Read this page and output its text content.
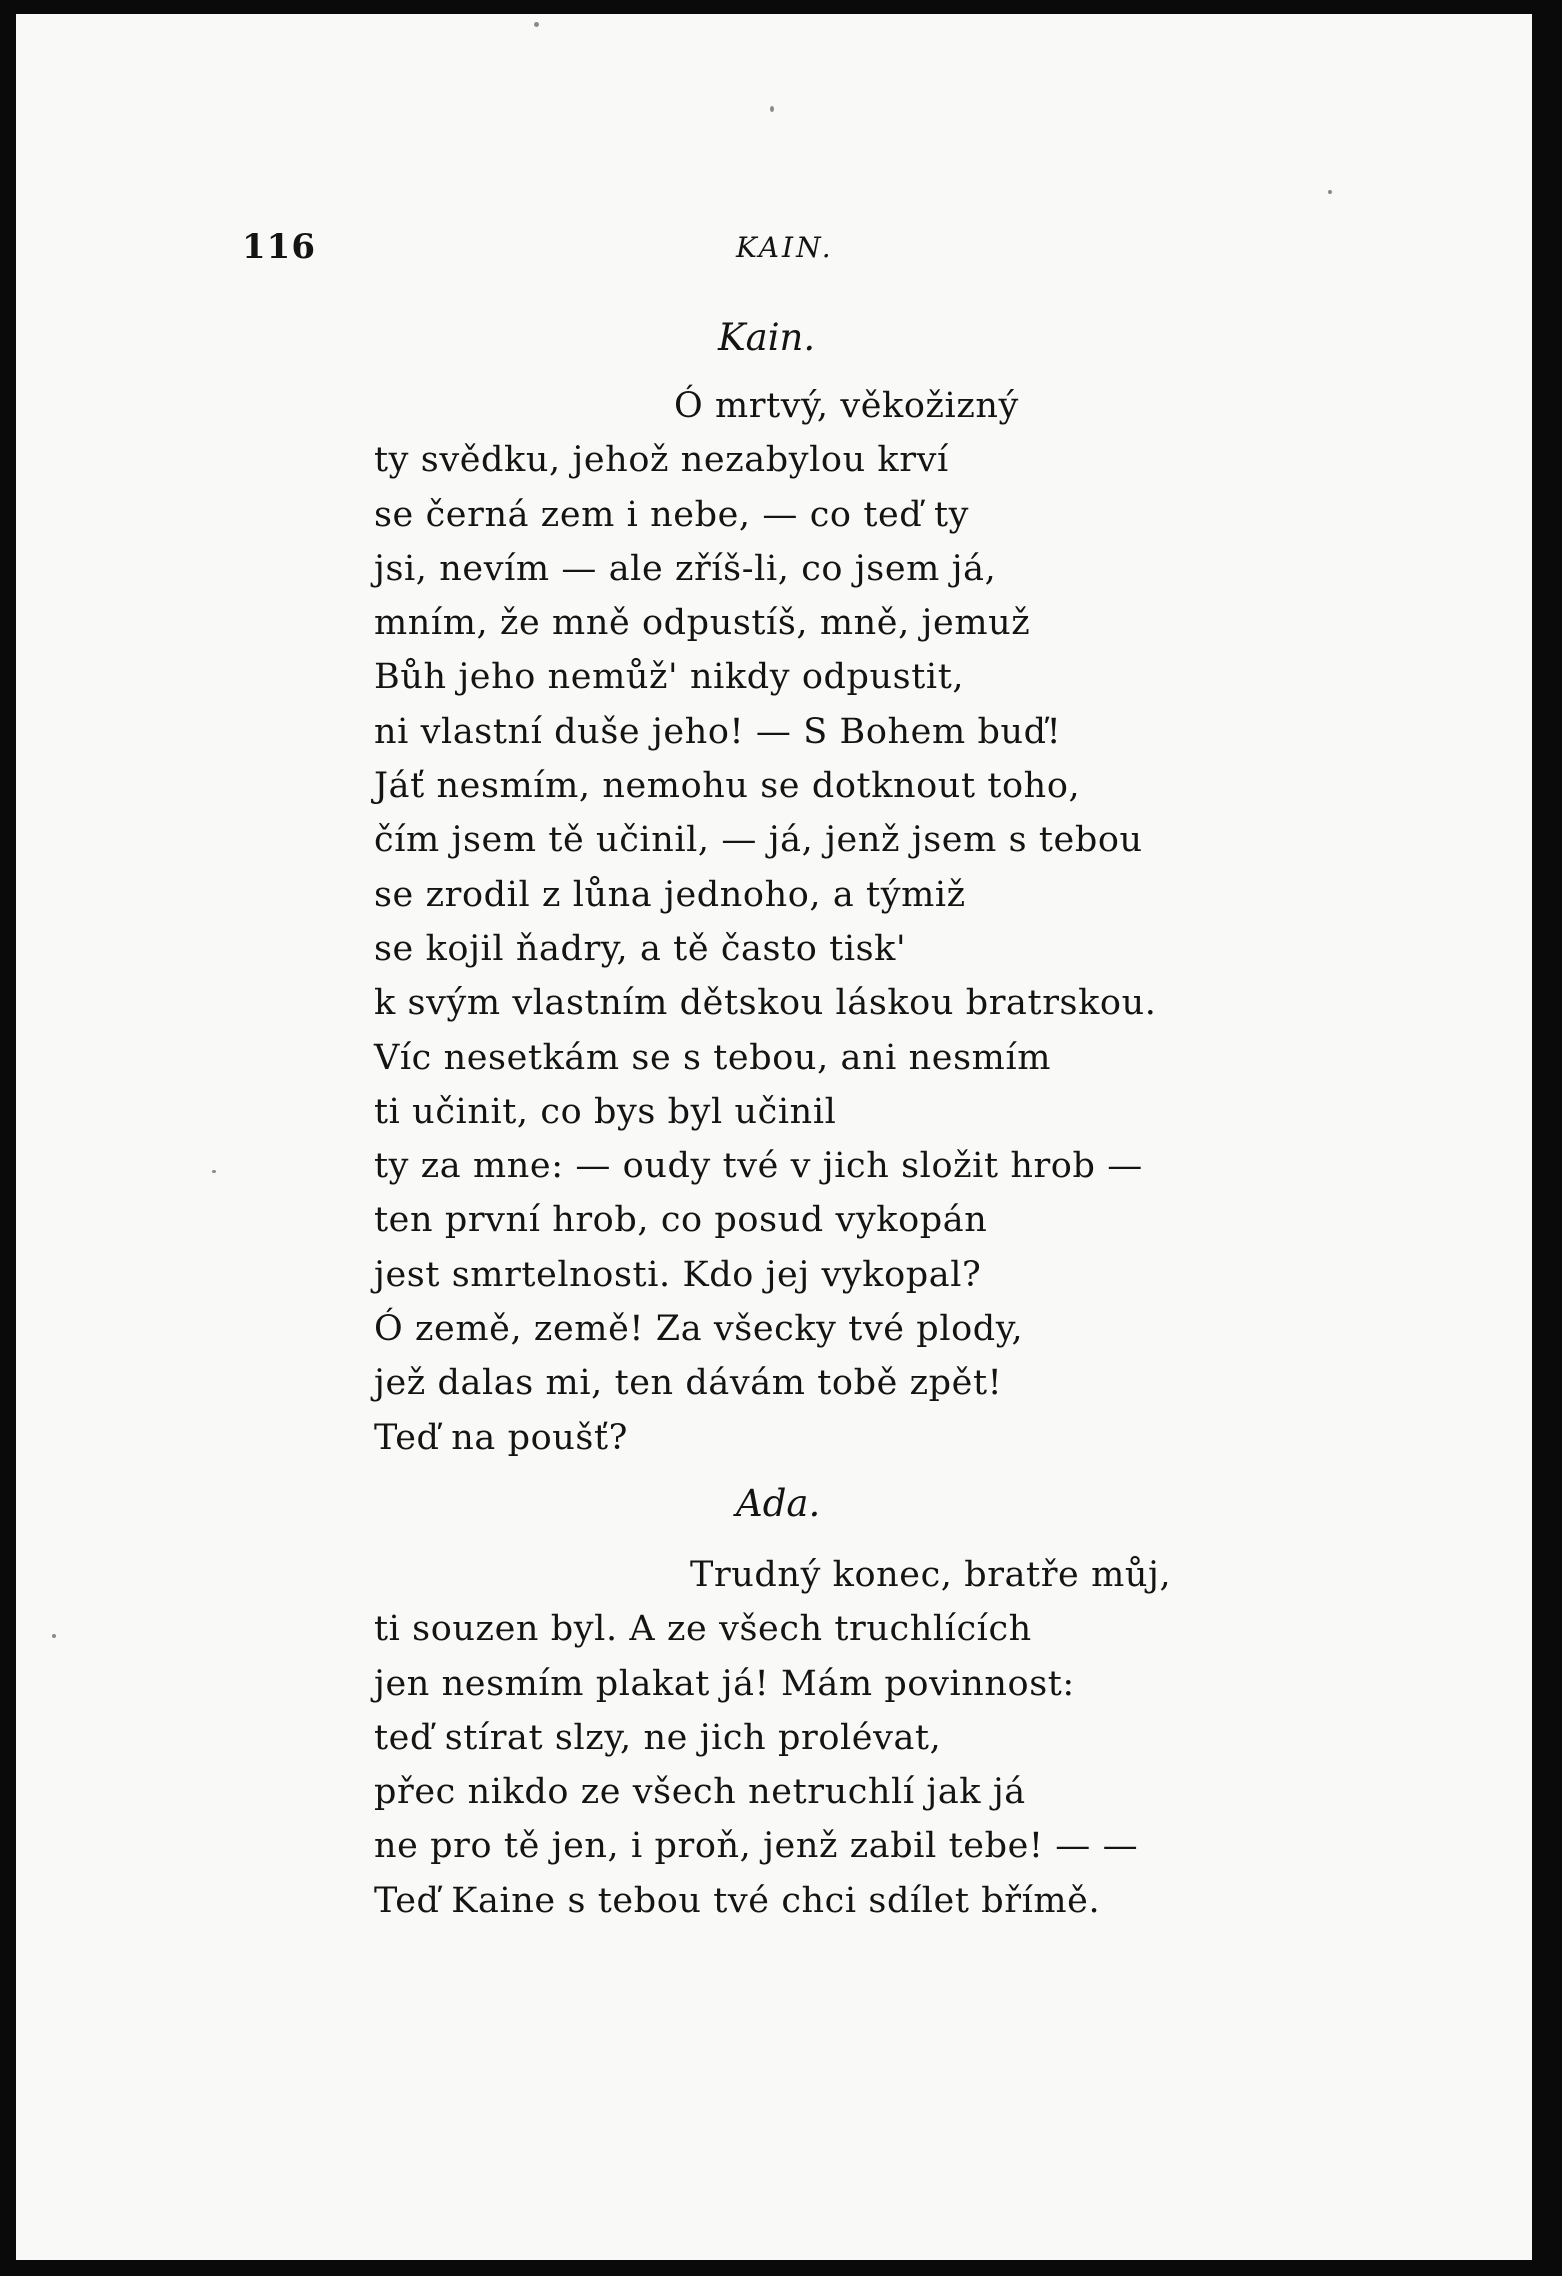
116	KAIN.
Kain.
Ó mrtvý, věkožizný
ty svědku, jehož nezabylou krví
se černá zem i nebe, — co teď ty
jsi, nevím — ale zříš-li, co jsem já,
mním, že mně odpustíš, mně, jemuž
Bůh jeho nemůž' nikdy odpustit,
ni vlastní duše jeho! — S Bohem buď!
Jáť nesmím, nemohu se dotknout toho,
čím jsem tě učinil, — já, jenž jsem s tebou
se zrodil z lůna jednoho, a týmiž
se kojil ňadry, a tě často tisk'
k svým vlastním dětskou láskou bratrskou.
Víc nesetkám se s tebou, ani nesmím
ti učinit, co bys byl učinil
ty za mne: — oudy tvé v jich složit hrob —
ten první hrob, co posud vykopán
jest smrtelnosti. Kdo jej vykopal?
Ó země, země! Za všecky tvé plody,
jež dalas mi, ten dávám tobě zpět!
Teď na poušť?
Ada.
Trudný konec, bratře můj,
ti souzen byl. A ze všech truchlících
jen nesmím plakat já! Mám povinnost:
teď stírat slzy, ne jich prolévat,
přec nikdo ze všech netruchlí jak já
ne pro tě jen, i proň, jenž zabil tebe! — —
Teď Kaine s tebou tvé chci sdílet břímě.
